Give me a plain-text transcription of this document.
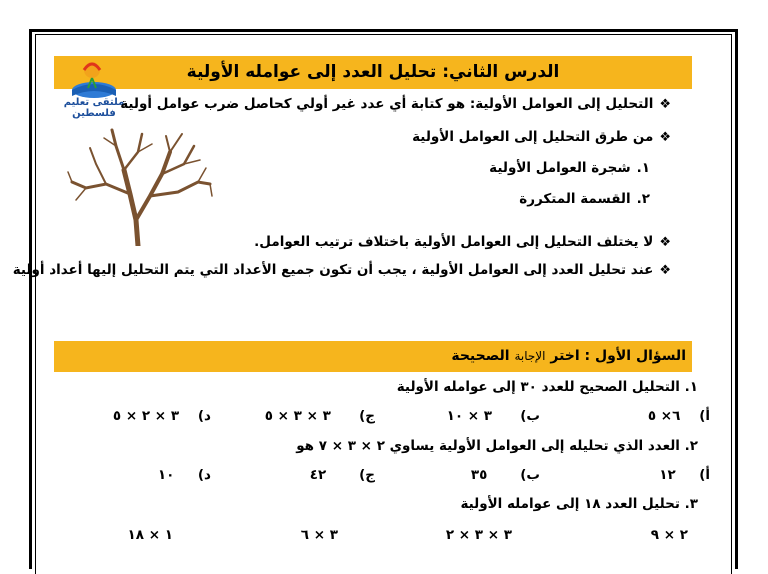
الدرس الثاني: تحليل العدد إلى عوامله الأولية
ملتقى تعليم فلسطين
❖التحليل إلى العوامل الأولية: هو كتابة أي عدد غير أولي كحاصل ضرب عوامل أولية
❖من طرق التحليل إلى العوامل الأولية
١.شجرة العوامل الأولية
٢.القسمة المتكررة
❖لا يختلف التحليل إلى العوامل الأولية باختلاف ترتيب العوامل.
❖عند تحليل العدد إلى العوامل الأولية ، يجب أن تكون جميع الأعداد التي يتم التحليل إليها أعداد أولية
السؤال الأول : اختر الإجابة الصحيحة
١. التحليل الصحيح للعدد ٣٠ إلى عوامله الأولية
أ)    ٦× ٥
ب)      ٣ × ١٠
ج)      ٣ × ٣ × ٥
د)    ٣ × ٢ × ٥
٢. العدد الذي تحليله إلى العوامل الأولية يساوي ٢ × ٣ × ٧ هو
أ)     ١٢
ب)       ٣٥
ج)       ٤٢
د)     ١٠
٣. تحليل العدد ١٨ إلى عوامله الأولية
٢ × ٩
٣ × ٣ × ٢
٣ × ٦
١ × ١٨
